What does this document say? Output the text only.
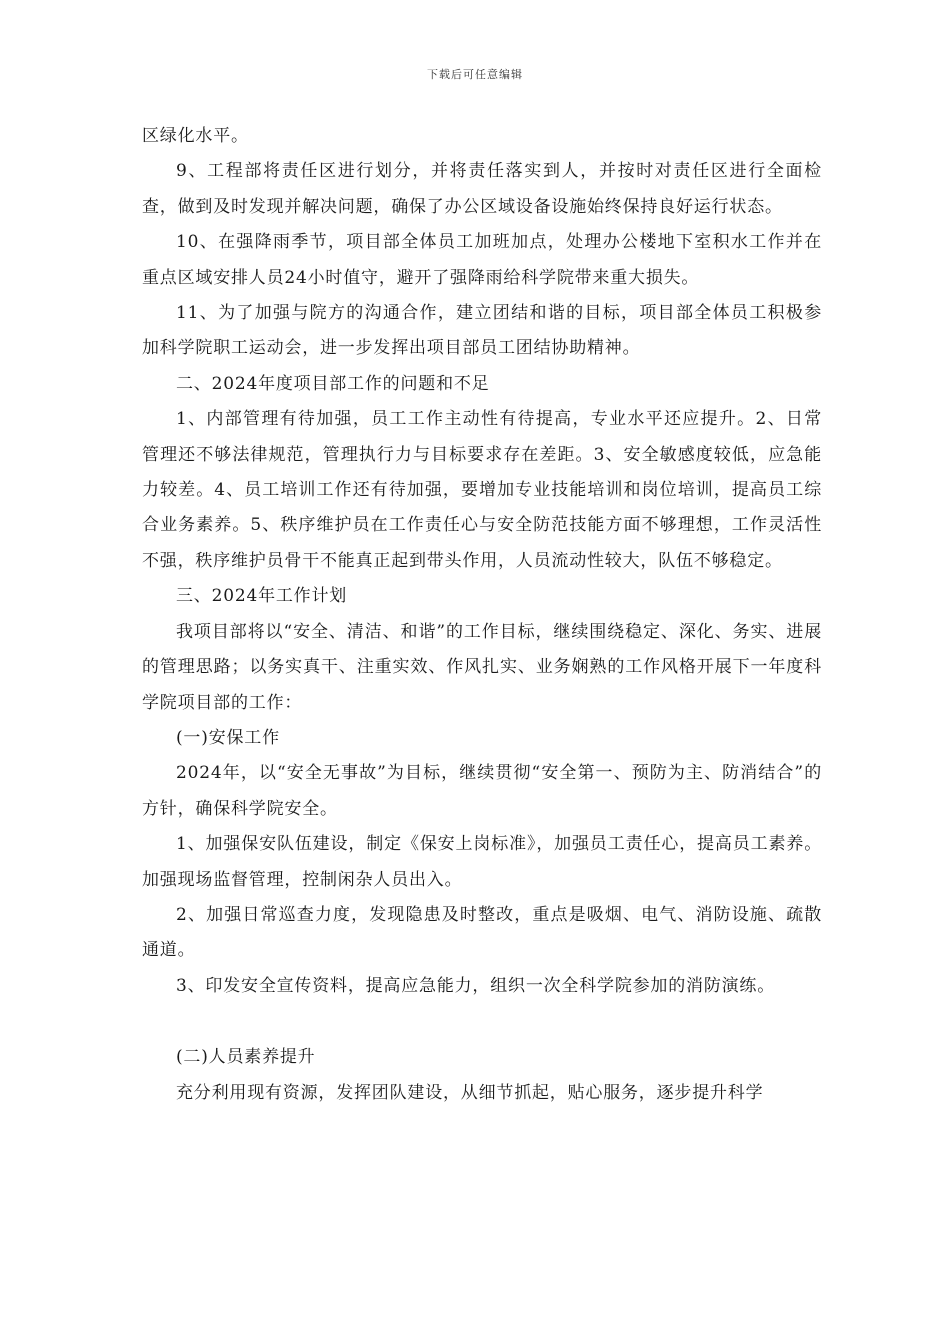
下载后可任意编辑

区绿化水平。

9、工程部将责任区进行划分，并将责任落实到人，并按时对责任区进行全面检查，做到及时发现并解决问题，确保了办公区域设备设施始终保持良好运行状态。

10、在强降雨季节，项目部全体员工加班加点，处理办公楼地下室积水工作并在重点区域安排人员24小时值守，避开了强降雨给科学院带来重大损失。

11、为了加强与院方的沟通合作，建立团结和谐的目标，项目部全体员工积极参加科学院职工运动会，进一步发挥出项目部员工团结协助精神。

二、2024年度项目部工作的问题和不足

1、内部管理有待加强，员工工作主动性有待提高，专业水平还应提升。2、日常管理还不够法律规范，管理执行力与目标要求存在差距。3、安全敏感度较低，应急能力较差。4、员工培训工作还有待加强，要增加专业技能培训和岗位培训，提高员工综合业务素养。5、秩序维护员在工作责任心与安全防范技能方面不够理想，工作灵活性不强，秩序维护员骨干不能真正起到带头作用，人员流动性较大，队伍不够稳定。

三、2024年工作计划

我项目部将以“安全、清洁、和谐”的工作目标，继续围绕稳定、深化、务实、进展的管理思路；以务实真干、注重实效、作风扎实、业务娴熟的工作风格开展下一年度科学院项目部的工作：

(一)安保工作

2024年，以“安全无事故”为目标，继续贯彻“安全第一、预防为主、防消结合”的方针，确保科学院安全。

1、加强保安队伍建设，制定《保安上岗标准》，加强员工责任心，提高员工素养。加强现场监督管理，控制闲杂人员出入。

2、加强日常巡查力度，发现隐患及时整改，重点是吸烟、电气、消防设施、疏散通道。

3、印发安全宣传资料，提高应急能力，组织一次全科学院参加的消防演练。

(二)人员素养提升

充分利用现有资源，发挥团队建设，从细节抓起，贴心服务，逐步提升科学
